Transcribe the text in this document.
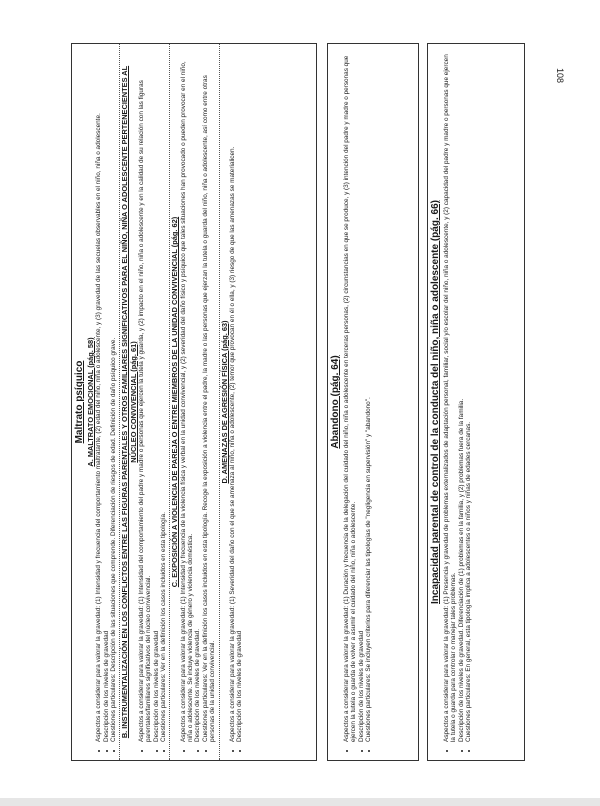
108
Maltrato psíquico A. MALTRATO EMOCIONAL (pág. 58) • Aspectos a considerar para valorar la gravedad: (1) Intensidad y frecuencia del comportamiento maltratante, (2) edad del niño, niña o adolescente, y (3) gravedad de las secuelas observables en el niño, niña o adolescente. • Descripción de los niveles de gravedad • Cuestiones particulares: Descripción de las situaciones que comprende. Diferenciación de riesgos de edad. Definición de daño psíquico grave. B. INSTRUMENTALIZACIÓN EN LOS CONFLICTOS ENTRE LAS FIGURAS PARENTALES Y OTROS FAMILIARES SIGNIFICATIVOS PARA EL NIÑO, NIÑA O ADOLESCENTE PERTENECIENTES AL NÚCLEO CONVIVENCIAL (pág. 61) • Aspectos a considerar para valorar la gravedad: (1) Intensidad del comportamiento del padre y madre o personas que ejercen la tutela y guarda, y (2) impacto en el niño, niña o adolescente y en la calidad de su relación con las figuras parentales/familiares significativos del núcleo convivencial. • Descripción de los niveles de gravedad • Cuestiones particulares: Ver en la definición los casos incluidos en esta tipología.
C. EXPOSICIÓN A VIOLENCIA DE PAREJA O ENTRE MIEMBROS DE LA UNIDAD CONVIVENCIAL (pág. 62) • Aspectos a considerar para valorar la gravedad: (1) Intensidad y frecuencia de la violencia física y verbal en la unidad convivencial, y (2) severidad del daño físico y psíquico que tales situaciones han provocado o pueden provocar en el niño, niña o adolescente. Se incluye violencia de género y violencia doméstica. • Descripción de los niveles de gravedad. • Cuestiones particulares: Ver en la definición los casos incluidos en esta tipología. Recoge la exposición a violencia entre el padre, la madre o las personas que ejerzan la tutela o guarda del niño, niña o adolescente, así como entre otras personas de la unidad convivencial.
D. AMENAZAS DE AGRESIÓN FÍSICA (pág. 63) • Aspectos a considerar para valorar la gravedad: (1) Severidad del daño con el que se amenaza al niño, niña o adolescente, (2) temor que provocan en él o ella, y (3) riesgo de que las amenazas se materialicen. • Descripción de los niveles de gravedad
Abandono (pág. 64) • Aspectos a considerar para valorar la gravedad: (1) Duración y frecuencia de la delegación del cuidado del niño, niña o adolescente en terceras personas, (2) circunstancias en que se produce, y (3) intención del padre y madre o personas que ejercen la tutela o guarda de volver a asumir el cuidado del niño, niña o adolescente. • Descripción de los niveles de gravedad • Cuestiones particulares: Se incluyen criterios para diferenciar las tipologías de "negligencia en supervisión" y "abandono".	Incapacidad parental de control de la conducta del niño, niña o adolescente (pág. 66) • Aspectos a considerar para valorar la gravedad: (1) Presencia y gravedad de problemas externalizados de adaptación personal, familiar, social y/o escolar del niño, niña o adolescente, y (2) capacidad del padre y madre o personas que ejercen la tutela o guarda para controlar o manejar tales problemas. • Descripción de los niveles de gravedad. Diferenciación de (1) problemas en la familia, y (2) problemas fuera de la familia. • Cuestiones particulares: En general, esta tipología implica a adolescentes o a niños y niñas de edades cercanas.
